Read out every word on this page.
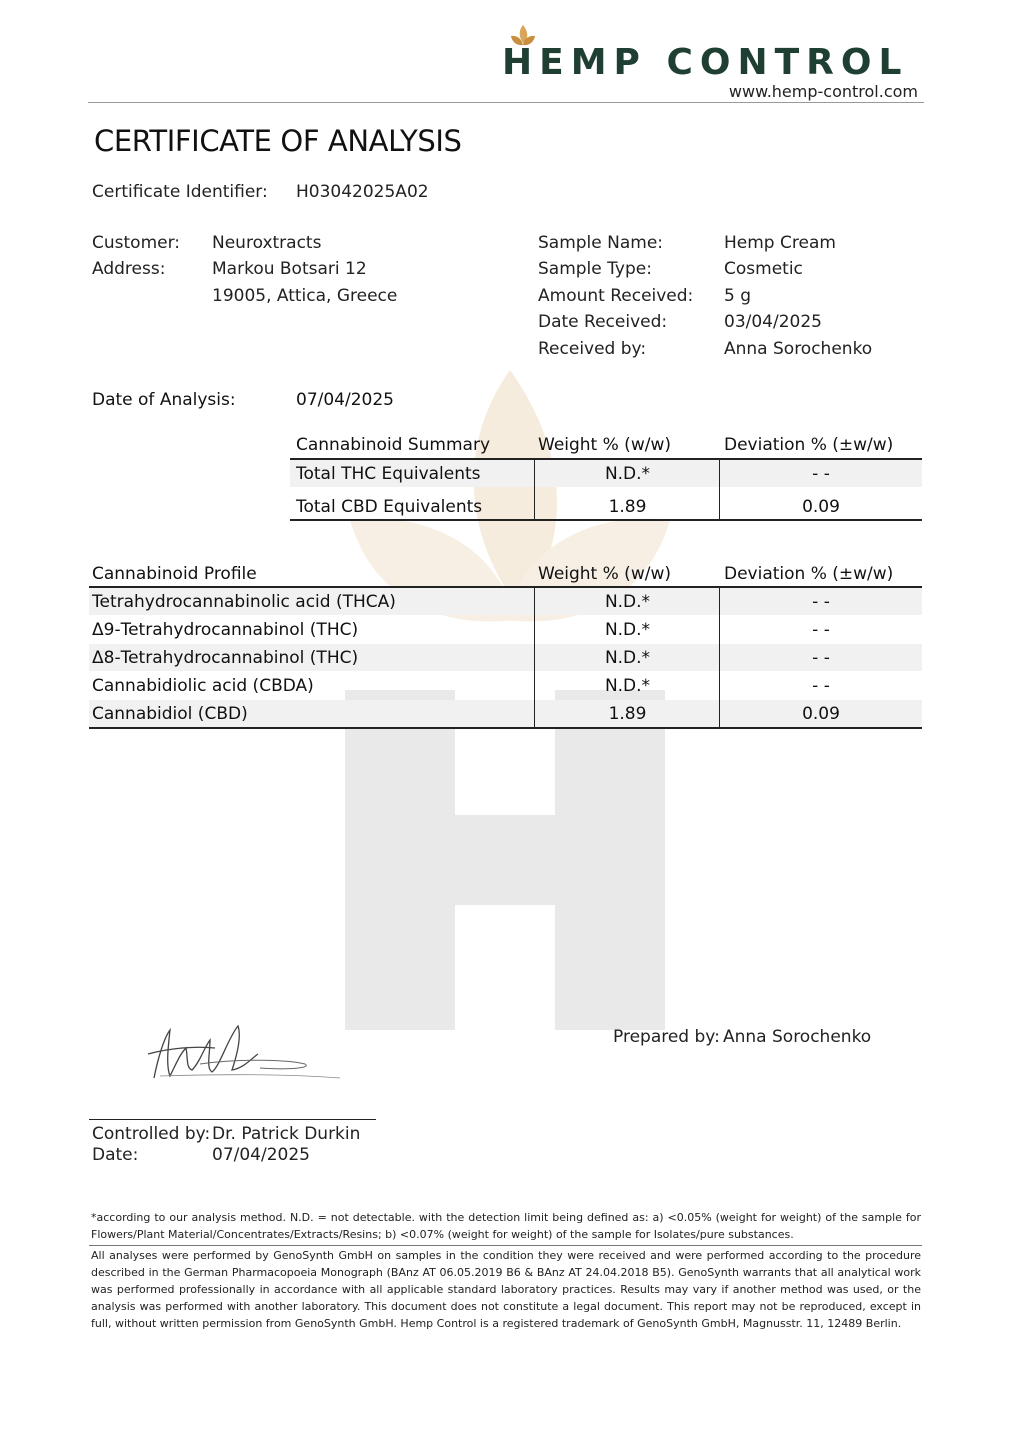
HEMP CONTROL
www.hemp-control.com
CERTIFICATE OF ANALYSIS
Certificate Identifier: H03042025A02
Customer: Neuroxtracts
Address:	Markou Botsari 12
19005, Attica, Greece
Sample Name:	Hemp Cream
Sample Type:	Cosmetic
Amount Received: 5 g
Date Received:	03/04/2025
Received by:	Anna Sorochenko
Date of Analysis:	07/04/2025
Cannabinoid Summary	Weight % (w/w)	Deviation % (±w/w)
Total THC Equivalents	N.D.*	- -
Total CBD Equivalents	1.89	0.09
Cannabinoid Profile	Weight % (w/w)	Deviation % (±w/w)
Tetrahydrocannabinolic acid (THCA)	N.D.*	- -
Δ9-Tetrahydrocannabinol (THC)	N.D.*	- -
Δ8-Tetrahydrocannabinol (THC)	N.D.*	- -
Cannabidiolic acid (CBDA)	N.D.*	- -
Cannabidiol (CBD)	1.89	0.09
Prepared by: Anna Sorochenko
Controlled by: Dr. Patrick Durkin
Date:	07/04/2025
*according to our analysis method. N.D. = not detectable. with the detection limit being defined as: a) <0.05% (weight for weight) of the sample for Flowers/Plant Material/Concentrates/Extracts/Resins; b) <0.07% (weight for weight) of the sample for Isolates/pure substances.
All analyses were performed by GenoSynth GmbH on samples in the condition they were received and were performed according to the procedure described in the German Pharmacopoeia Monograph (BAnz AT 06.05.2019 B6 & BAnz AT 24.04.2018 B5). GenoSynth warrants that all analytical work was performed professionally in accordance with all applicable standard laboratory practices. Results may vary if another method was used, or the analysis was performed with another laboratory. This document does not constitute a legal document. This report may not be reproduced, except in full, without written permission from GenoSynth GmbH. Hemp Control is a registered trademark of GenoSynth GmbH, Magnusstr. 11, 12489 Berlin.
